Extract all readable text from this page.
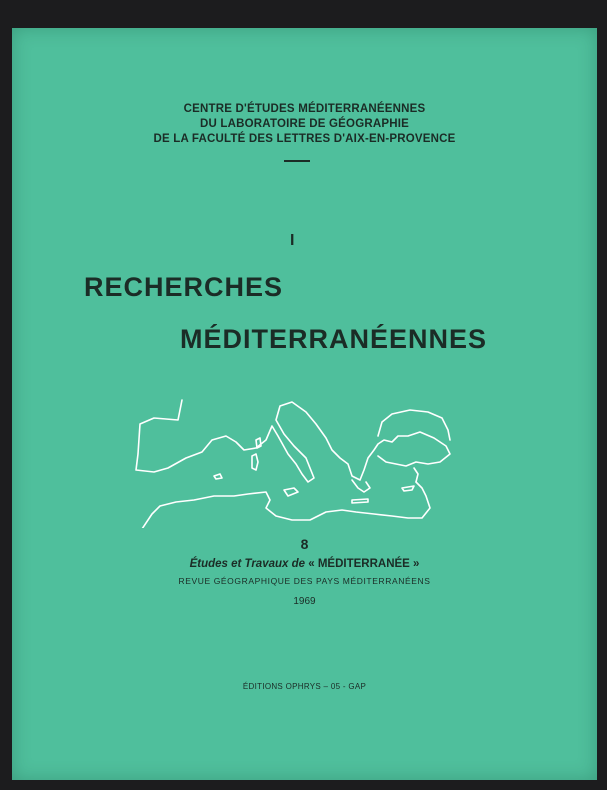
CENTRE D'ÉTUDES MÉDITERRANÉENNES
DU LABORATOIRE DE GÉOGRAPHIE
DE LA FACULTÉ DES LETTRES D'AIX-EN-PROVENCE
I
RECHERCHES
MÉDITERRANÉENNES
8
Études et Travaux de « MÉDITERRANÉE »
REVUE GÉOGRAPHIQUE DES PAYS MÉDITERRANÉENS
1969
ÉDITIONS OPHRYS – 05 - GAP
